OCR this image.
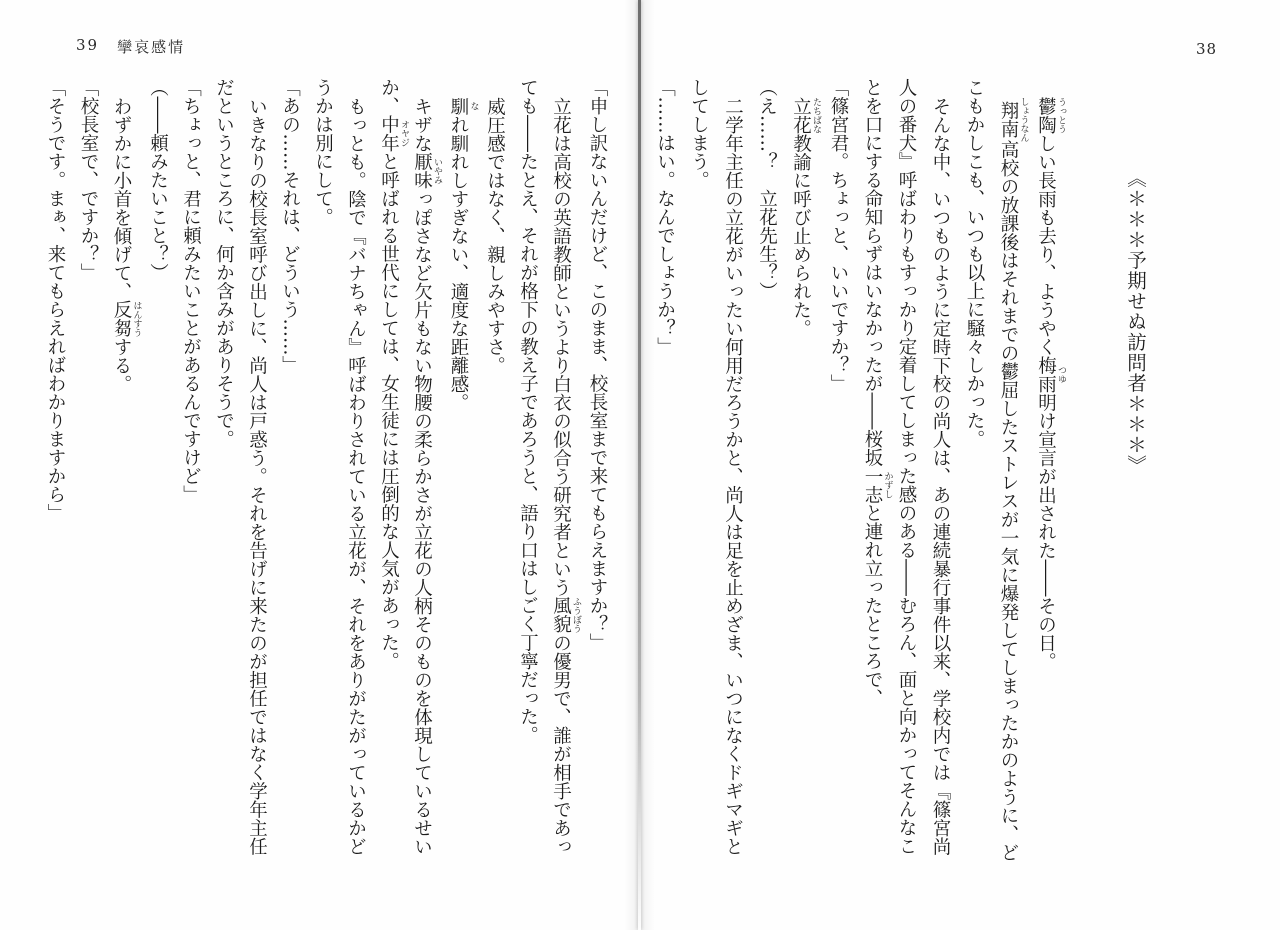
39 攣哀感情

「申し訳ないんだけど、このまま、校長室まで来てもらえますか？」

立花は高校の英語教師というより白衣の似合う研究者という風貌 ふうぼうの優男で、誰が相手であっても――たとえ、それが格下の教え子であろうと、語り口はしごく丁寧だった。

威圧感ではなく、親しみやすさ。

馴 なれ馴れしすぎない、適度な距離感。

キザな厭味 いやみっぽさなど欠片もない物腰の柔らかさが立花の人柄そのものを体現しているせいか、中年 オヤジと呼ばれる世代にしては、女生徒には圧倒的な人気があった。

もっとも。陰で『バナちゃん』呼ばわりされている立花が、それをありがたがっているかどうかは別にして。

「あの……それは、どういう……」

いきなりの校長室呼び出しに、尚人は戸惑う。それを告げに来たのが担任ではなく学年主任だというところに、何か含みがありそうで。

「ちょっと、君に頼みたいことがあるんですけど」

（――頼みたいこと？）

わずかに小首を傾げて、反芻 はんすうする。

「校長室で、ですか？」

「そうです。まぁ、来てもらえればわかりますから」

38

《＊＊＊予期せぬ訪問者＊＊＊》

鬱陶 うっとうしい長雨も去り、ようやく梅雨 つゆ明け宣言が出された――その日。

翔南 しょうなん高校の放課後はそれまでの鬱屈したストレスが一気に爆発してしまったかのように、どこもかしこも、いつも以上に騒々しかった。

そんな中、いつものように定時下校の尚人は、あの連続暴行事件以来、学校内では『篠宮尚人の番犬』呼ばわりもすっかり定着してしまった感のある――むろん、面と向かってそんなことを口にする命知らずはいなかったが――桜坂一志 かずしと連れ立ったところで、

「篠宮君。ちょっと、いいですか？」

立花 たちばな教諭に呼び止められた。

（え……？　立花先生？）

二学年主任の立花がいったい何用だろうかと、尚人は足を止めざま、いつになくドギマギとしてしまう。

「……はい。なんでしょうか？」
